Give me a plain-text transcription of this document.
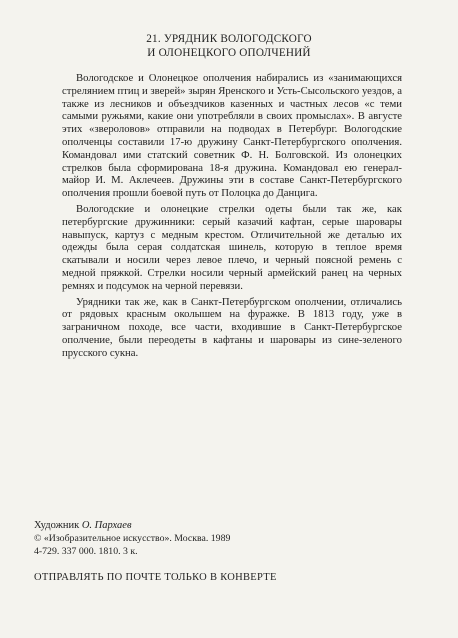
21. УРЯДНИК ВОЛОГОДСКОГО
И ОЛОНЕЦКОГО ОПОЛЧЕНИЙ

Вологодское и Олонецкое ополчения набирались из «занимающихся стрелянием птиц и зверей» зырян Яренского и Усть-Сысольского уездов, а также из лесников и объездчиков казенных и частных лесов «с теми самыми ружьями, какие они употребляли в своих промыслах». В августе этих «звероловов» отправили на подводах в Петербург. Вологодские ополченцы составили 17-ю дружину Санкт-Петербургского ополчения. Командовал ими статский советник Ф. Н. Болговской. Из олонецких стрелков была сформирована 18-я дружина. Командовал ею генерал-майор И. М. Аклечеев. Дружины эти в составе Санкт-Петербургского ополчения прошли боевой путь от Полоцка до Данцига.

Вологодские и олонецкие стрелки одеты были так же, как петербургские дружинники: серый казачий кафтан, серые шаровары навыпуск, картуз с медным крестом. Отличительной же деталью их одежды была серая солдатская шинель, которую в теплое время скатывали и носили через левое плечо, и черный поясной ремень с медной пряжкой. Стрелки носили черный армейский ранец на черных ремнях и подсумок на черной перевязи.

Урядники так же, как в Санкт-Петербургском ополчении, отличались от рядовых красным околышем на фуражке. В 1813 году, уже в заграничном походе, все части, входившие в Санкт-Петербургское ополчение, были переодеты в кафтаны и шаровары из сине-зеленого прусского сукна.

Художник О. Пархаев
© «Изобразительное искусство». Москва. 1989
4-729. 337 000. 1810. 3 к.
ОТПРАВЛЯТЬ ПО ПОЧТЕ ТОЛЬКО В КОНВЕРТЕ
